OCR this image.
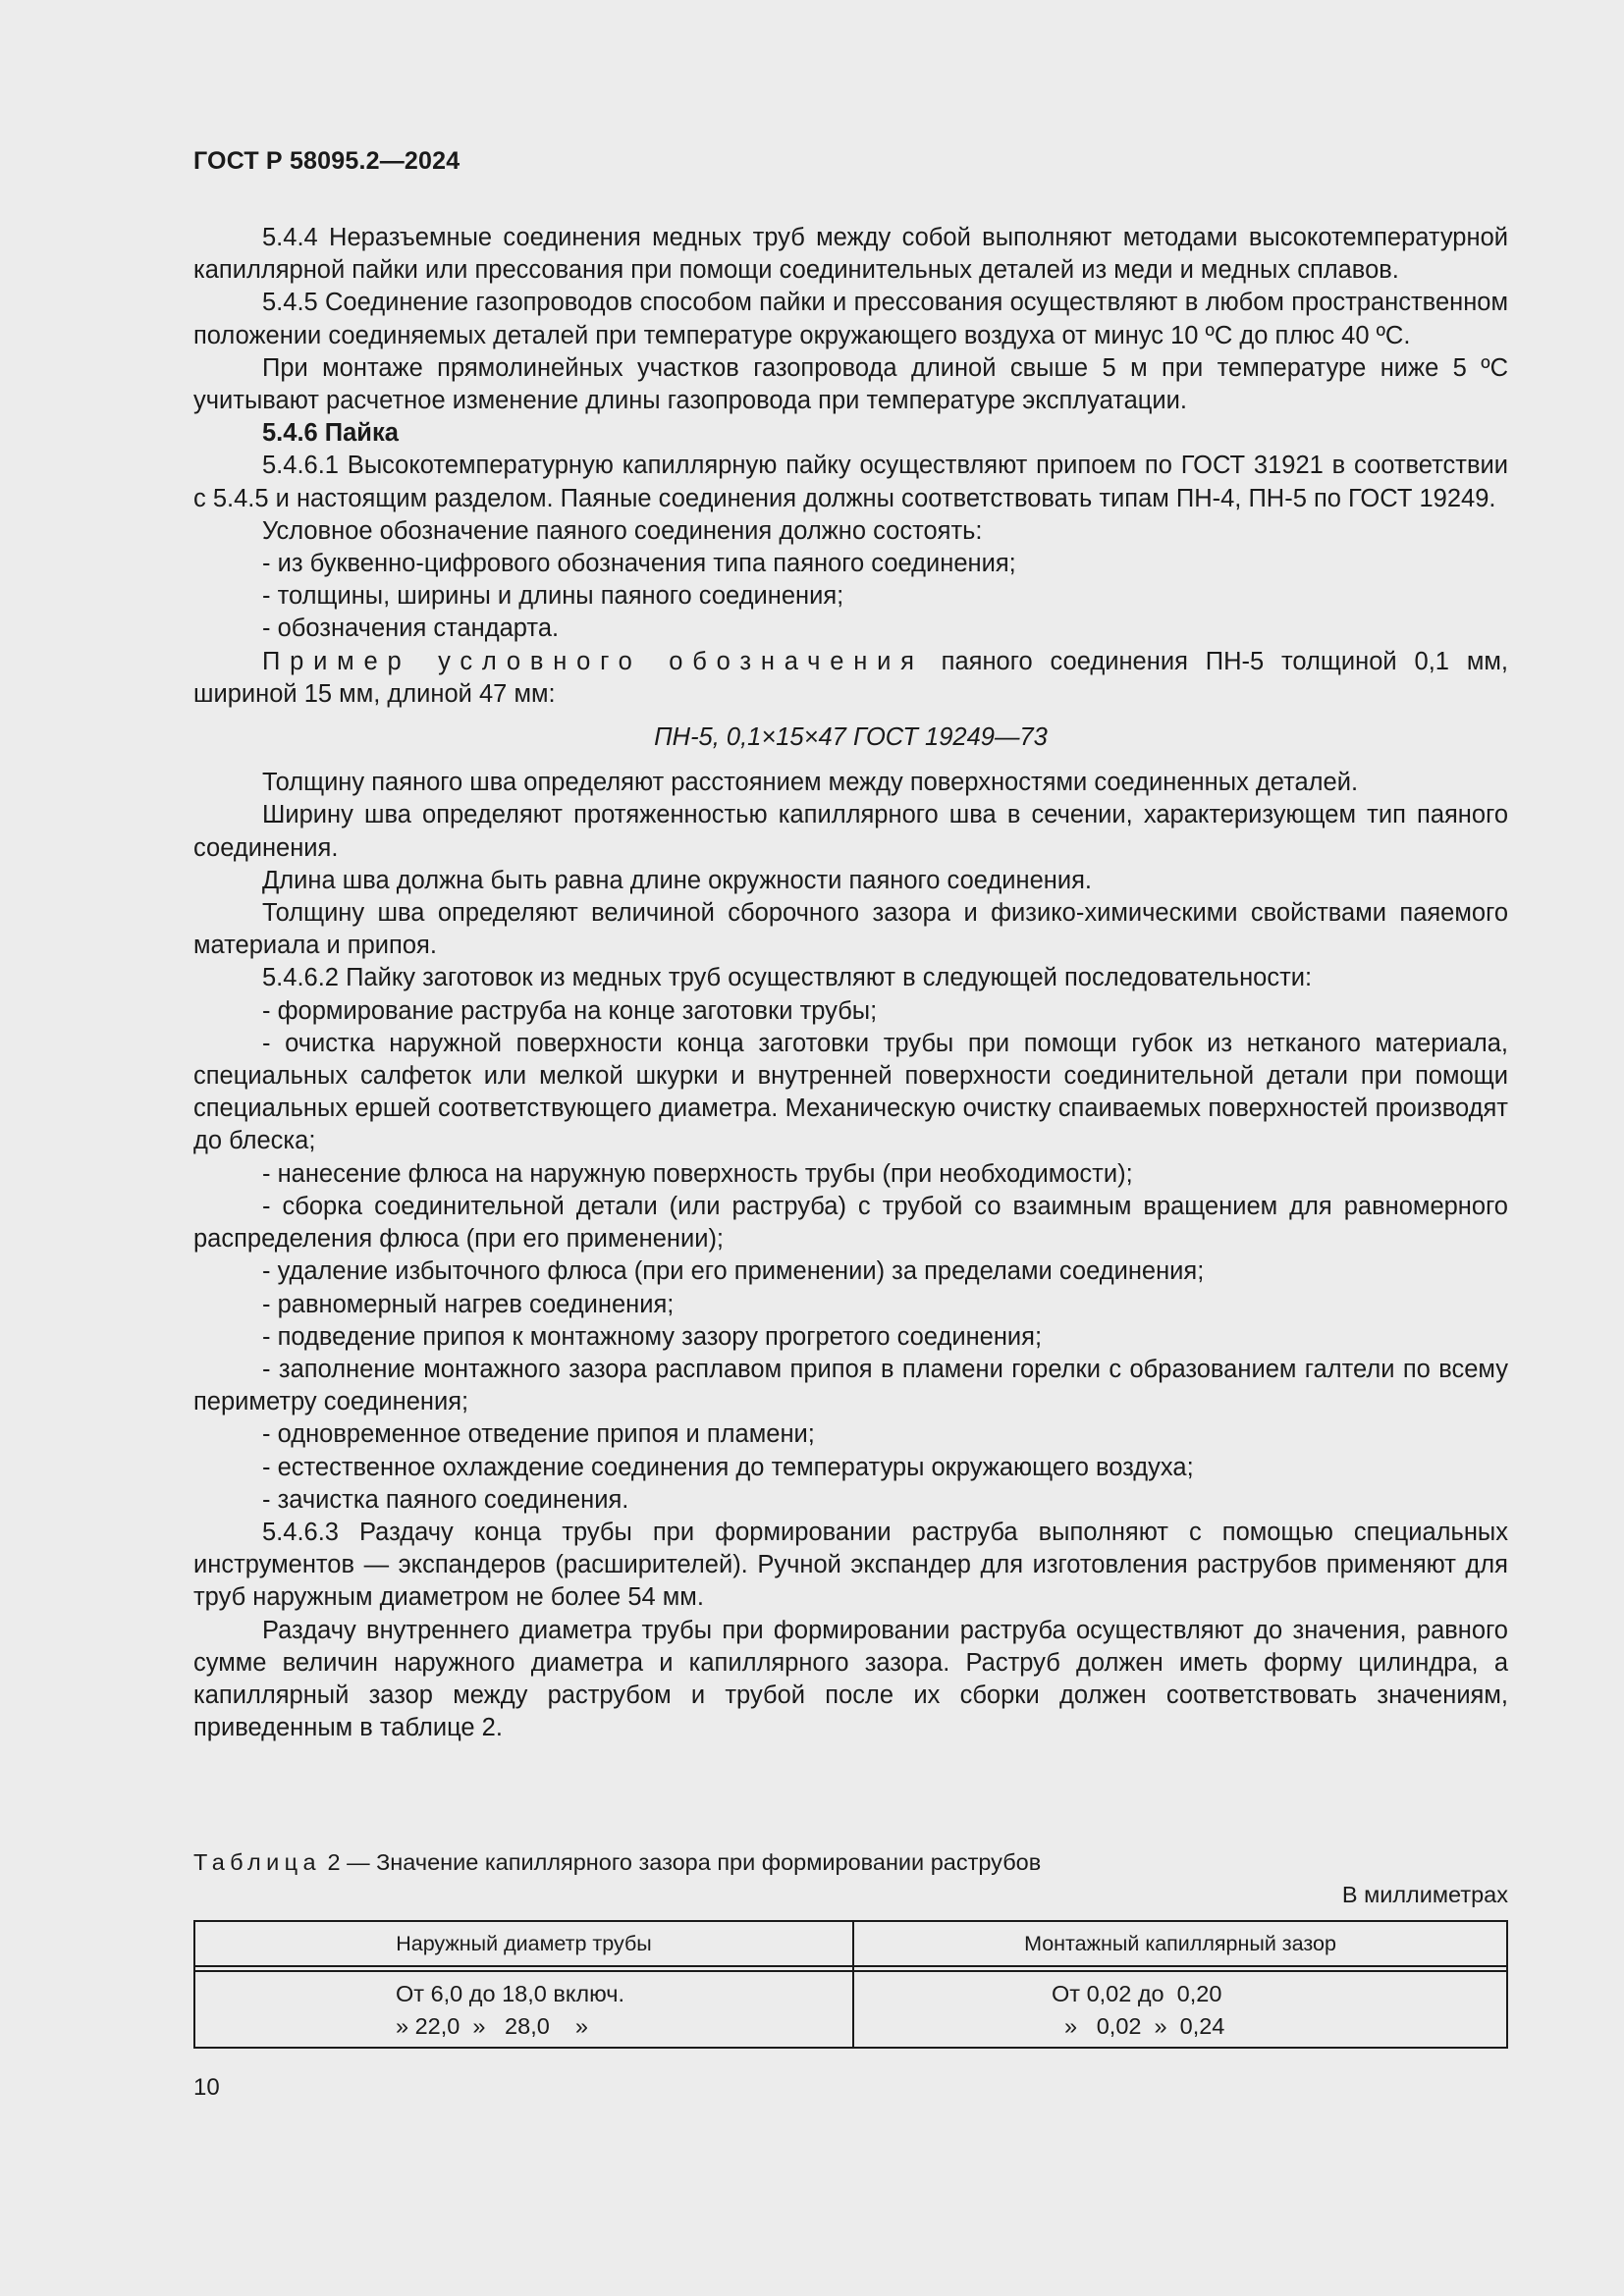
ГОСТ Р 58095.2—2024

5.4.4 Неразъемные соединения медных труб между собой выполняют методами высокотемпературной капиллярной пайки или прессования при помощи соединительных деталей из меди и медных сплавов.

5.4.5 Соединение газопроводов способом пайки и прессования осуществляют в любом пространственном положении соединяемых деталей при температуре окружающего воздуха от минус 10 ºС до плюс 40 ºС.

При монтаже прямолинейных участков газопровода длиной свыше 5 м при температуре ниже 5 ºС учитывают расчетное изменение длины газопровода при температуре эксплуатации.

5.4.6 Пайка

5.4.6.1 Высокотемпературную капиллярную пайку осуществляют припоем по ГОСТ 31921 в соответствии с 5.4.5 и настоящим разделом. Паяные соединения должны соответствовать типам ПН-4, ПН-5 по ГОСТ 19249.

Условное обозначение паяного соединения должно состоять:

- из буквенно-цифрового обозначения типа паяного соединения;

- толщины, ширины и длины паяного соединения;

- обозначения стандарта.

Пример условного обозначения паяного соединения ПН-5 толщиной 0,1 мм, шириной 15 мм, длиной 47 мм:

ПН-5, 0,1×15×47 ГОСТ 19249—73

Толщину паяного шва определяют расстоянием между поверхностями соединенных деталей.

Ширину шва определяют протяженностью капиллярного шва в сечении, характеризующем тип паяного соединения.

Длина шва должна быть равна длине окружности паяного соединения.

Толщину шва определяют величиной сборочного зазора и физико-химическими свойствами паяемого материала и припоя.

5.4.6.2 Пайку заготовок из медных труб осуществляют в следующей последовательности:

- формирование раструба на конце заготовки трубы;

- очистка наружной поверхности конца заготовки трубы при помощи губок из нетканого материала, специальных салфеток или мелкой шкурки и внутренней поверхности соединительной детали при помощи специальных ершей соответствующего диаметра. Механическую очистку спаиваемых поверхностей производят до блеска;

- нанесение флюса на наружную поверхность трубы (при необходимости);

- сборка соединительной детали (или раструба) с трубой со взаимным вращением для равномерного распределения флюса (при его применении);

- удаление избыточного флюса (при его применении) за пределами соединения;

- равномерный нагрев соединения;

- подведение припоя к монтажному зазору прогретого соединения;

- заполнение монтажного зазора расплавом припоя в пламени горелки с образованием галтели по всему периметру соединения;

- одновременное отведение припоя и пламени;

- естественное охлаждение соединения до температуры окружающего воздуха;

- зачистка паяного соединения.

5.4.6.3 Раздачу конца трубы при формировании раструба выполняют с помощью специальных инструментов — экспандеров (расширителей). Ручной экспандер для изготовления раструбов применяют для труб наружным диаметром не более 54 мм.

Раздачу внутреннего диаметра трубы при формировании раструба осуществляют до значения, равного сумме величин наружного диаметра и капиллярного зазора. Раструб должен иметь форму цилиндра, а капиллярный зазор между раструбом и трубой после их сборки должен соответствовать значениям, приведенным в таблице 2.

Таблица 2 — Значение капиллярного зазора при формировании раструбов
В миллиметрах
Наружный диаметр трубы	Монтажный капиллярный зазор
От 6,0 до 18,0 включ.
» 22,0  »   28,0    »
От 0,02 до  0,20
»   0,02  »  0,24
10
